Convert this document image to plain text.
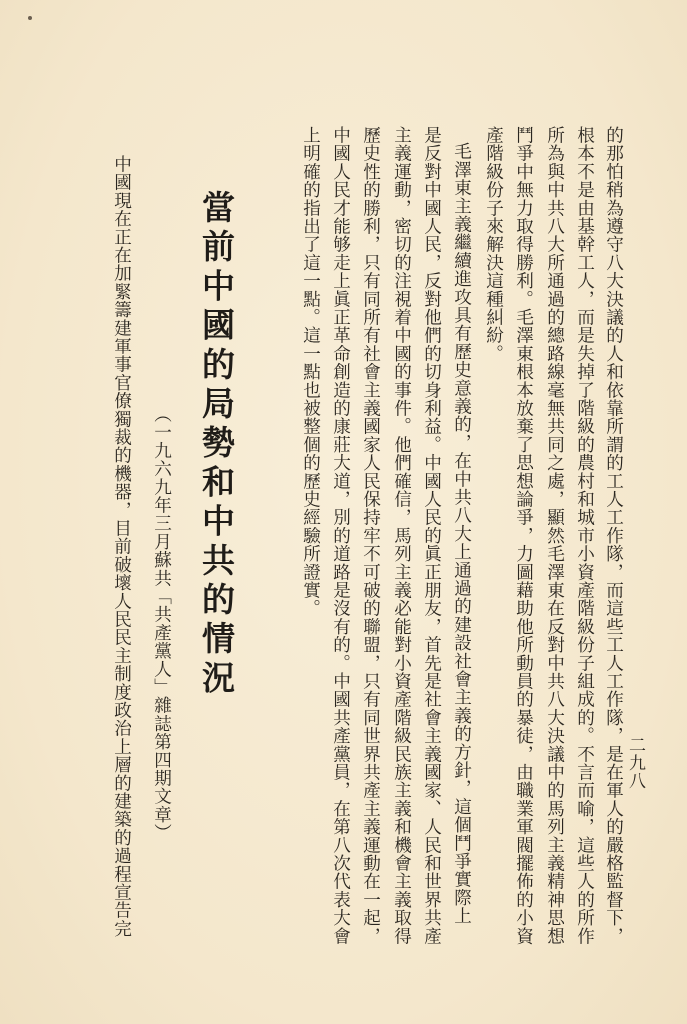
二九八
的那怕稍為遵守八大決議的人和依靠所謂的工人工作隊，而這些工人工作隊，是在軍人的嚴格監督下，
根本不是由基幹工人，而是失掉了階級的農村和城市小資產階級份子組成的。不言而喻，這些人的所作
所為與中共八大所通過的總路線毫無共同之處，顯然毛澤東在反對中共八大決議中的馬列主義精神思想
鬥爭中無力取得勝利。毛澤東根本放棄了思想論爭，力圖藉助他所動員的暴徒，由職業軍閥擺佈的小資
產階級份子來解決這種糾紛。
　毛澤東主義繼續進攻具有歷史意義的，在中共八大上通過的建設社會主義的方針，這個鬥爭實際上
是反對中國人民，反對他們的切身利益。中國人民的眞正朋友，首先是社會主義國家、人民和世界共產
主義運動，密切的注視着中國的事件。他們確信，馬列主義必能對小資產階級民族主義和機會主義取得
歷史性的勝利，只有同所有社會主義國家人民保持牢不可破的聯盟，只有同世界共產主義運動在一起，
中國人民才能够走上眞正革命創造的康莊大道，別的道路是沒有的。中國共產黨員，在第八次代表大會
上明確的指出了這一點。這一點也被整個的歷史經驗所證實。
當前中國的局勢和中共的情況
（一九六九年三月蘇共「共產黨人」雜誌第四期文章）
中國現在正在加緊籌建軍事官僚獨裁的機器，目前破壞人民民主制度政治上層的建築的過程宣告完
